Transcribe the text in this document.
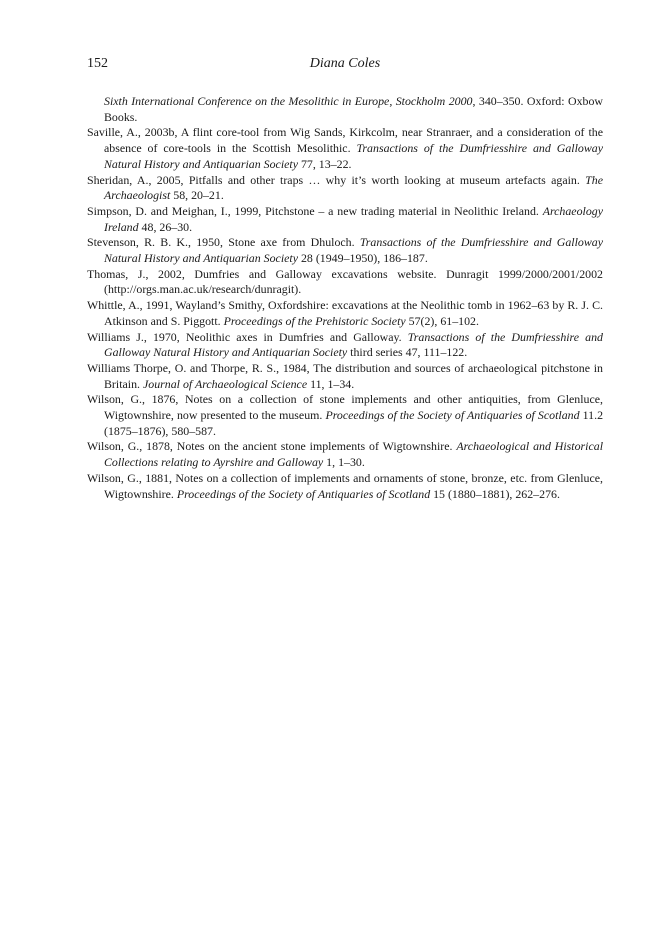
152	Diana Coles

Sixth International Conference on the Mesolithic in Europe, Stockholm 2000, 340–350. Oxford: Oxbow Books.

Saville, A., 2003b, A flint core-tool from Wig Sands, Kirkcolm, near Stranraer, and a consideration of the absence of core-tools in the Scottish Mesolithic. Transactions of the Dumfriesshire and Galloway Natural History and Antiquarian Society 77, 13–22.

Sheridan, A., 2005, Pitfalls and other traps … why it’s worth looking at museum artefacts again. The Archaeologist 58, 20–21.

Simpson, D. and Meighan, I., 1999, Pitchstone – a new trading material in Neolithic Ireland. Archaeology Ireland 48, 26–30.

Stevenson, R. B. K., 1950, Stone axe from Dhuloch. Transactions of the Dumfriesshire and Galloway Natural History and Antiquarian Society 28 (1949–1950), 186–187.

Thomas, J., 2002, Dumfries and Galloway excavations website. Dunragit 1999/2000/2001/2002 (http://orgs.man.ac.uk/research/dunragit).

Whittle, A., 1991, Wayland’s Smithy, Oxfordshire: excavations at the Neolithic tomb in 1962–63 by R. J. C. Atkinson and S. Piggott. Proceedings of the Prehistoric Society 57(2), 61–102.

Williams J., 1970, Neolithic axes in Dumfries and Galloway. Transactions of the Dumfriesshire and Galloway Natural History and Antiquarian Society third series 47, 111–122.

Williams Thorpe, O. and Thorpe, R. S., 1984, The distribution and sources of archaeological pitchstone in Britain. Journal of Archaeological Science 11, 1–34.

Wilson, G., 1876, Notes on a collection of stone implements and other antiquities, from Glenluce, Wigtownshire, now presented to the museum. Proceedings of the Society of Antiquaries of Scotland 11.2 (1875–1876), 580–587.

Wilson, G., 1878, Notes on the ancient stone implements of Wigtownshire. Archaeological and Historical Collections relating to Ayrshire and Galloway 1, 1–30.

Wilson, G., 1881, Notes on a collection of implements and ornaments of stone, bronze, etc. from Glenluce, Wigtownshire. Proceedings of the Society of Antiquaries of Scotland 15 (1880–1881), 262–276.
